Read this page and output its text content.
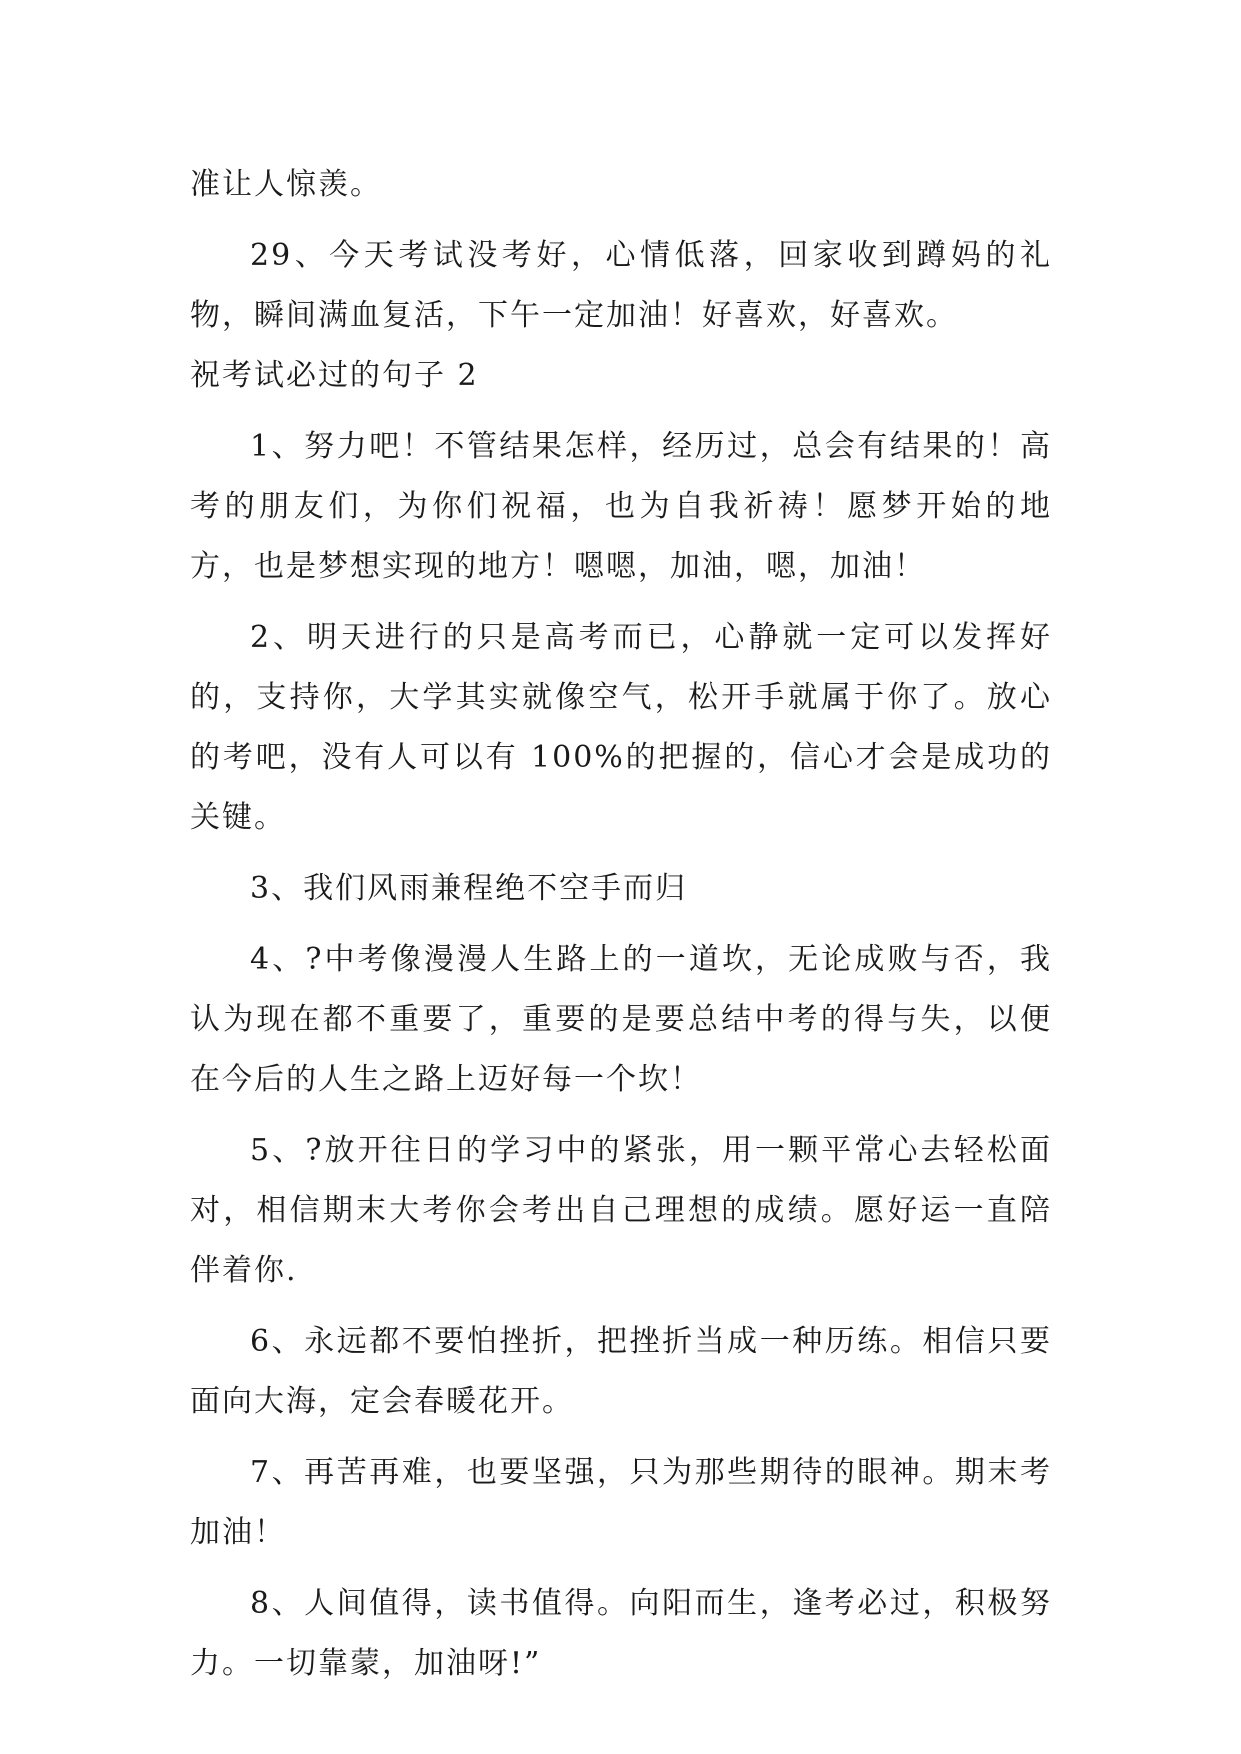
准让人惊羡。

29、今天考试没考好，心情低落，回家收到蹲妈的礼物，瞬间满血复活，下午一定加油！好喜欢，好喜欢。

祝考试必过的句子 2

1、努力吧！不管结果怎样，经历过，总会有结果的！高考的朋友们，为你们祝福，也为自我祈祷！愿梦开始的地方，也是梦想实现的地方！嗯嗯，加油，嗯，加油！

2、明天进行的只是高考而已，心静就一定可以发挥好的，支持你，大学其实就像空气，松开手就属于你了。放心的考吧，没有人可以有 100%的把握的，信心才会是成功的关键。

3、我们风雨兼程绝不空手而归

4、?中考像漫漫人生路上的一道坎，无论成败与否，我认为现在都不重要了，重要的是要总结中考的得与失，以便在今后的人生之路上迈好每一个坎！

5、?放开往日的学习中的紧张，用一颗平常心去轻松面对，相信期末大考你会考出自己理想的成绩。愿好运一直陪伴着你.

6、永远都不要怕挫折，把挫折当成一种历练。相信只要面向大海，定会春暖花开。

7、再苦再难，也要坚强，只为那些期待的眼神。期末考加油！

8、人间值得，读书值得。向阳而生，逢考必过，积极努力。一切靠蒙，加油呀!”
